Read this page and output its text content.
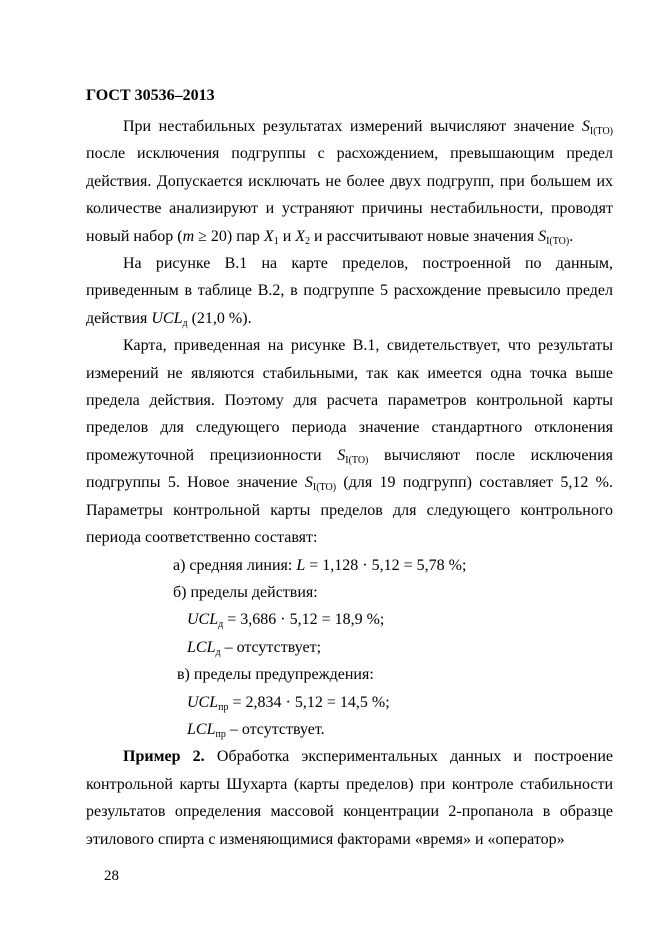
ГОСТ 30536–2013

При нестабильных результатах измерений вычисляют значение $S_{I(TO)}$ после исключения подгруппы с расхождением, превышающим предел действия. Допускается исключать не более двух подгрупп, при большем их количестве анализируют и устраняют причины нестабильности, проводят новый набор (m ≥ 20) пар $X_1$ и $X_2$ и рассчитывают новые значения $S_{I(TO)}$.

На рисунке В.1 на карте пределов, построенной по данным, приведенным в таблице В.2, в подгруппе 5 расхождение превысило предел действия $UCL_д$ (21,0 %).

Карта, приведенная на рисунке В.1, свидетельствует, что результаты измерений не являются стабильными, так как имеется одна точка выше предела действия. Поэтому для расчета параметров контрольной карты пределов для следующего периода значение стандартного отклонения промежуточной прецизионности $S_{I(TO)}$ вычисляют после исключения подгруппы 5. Новое значение $S_{I(TO)}$ (для 19 подгрупп) составляет 5,12 %. Параметры контрольной карты пределов для следующего контрольного периода соответственно составят:

а) средняя линия: L = 1,128 · 5,12 = 5,78 %;
б) пределы действия:
$UCL_д = 3,686 \cdot 5,12 = 18,9$ %;
$LCL_д$ – отсутствует;
в) пределы предупреждения:
$UCL_{пр} = 2,834 \cdot 5,12 = 14,5$ %;
$LCL_{пр}$ – отсутствует.

Пример 2. Обработка экспериментальных данных и построение контрольной карты Шухарта (карты пределов) при контроле стабильности результатов определения массовой концентрации 2-пропанола в образце этилового спирта с изменяющимися факторами «время» и «оператор»

28
